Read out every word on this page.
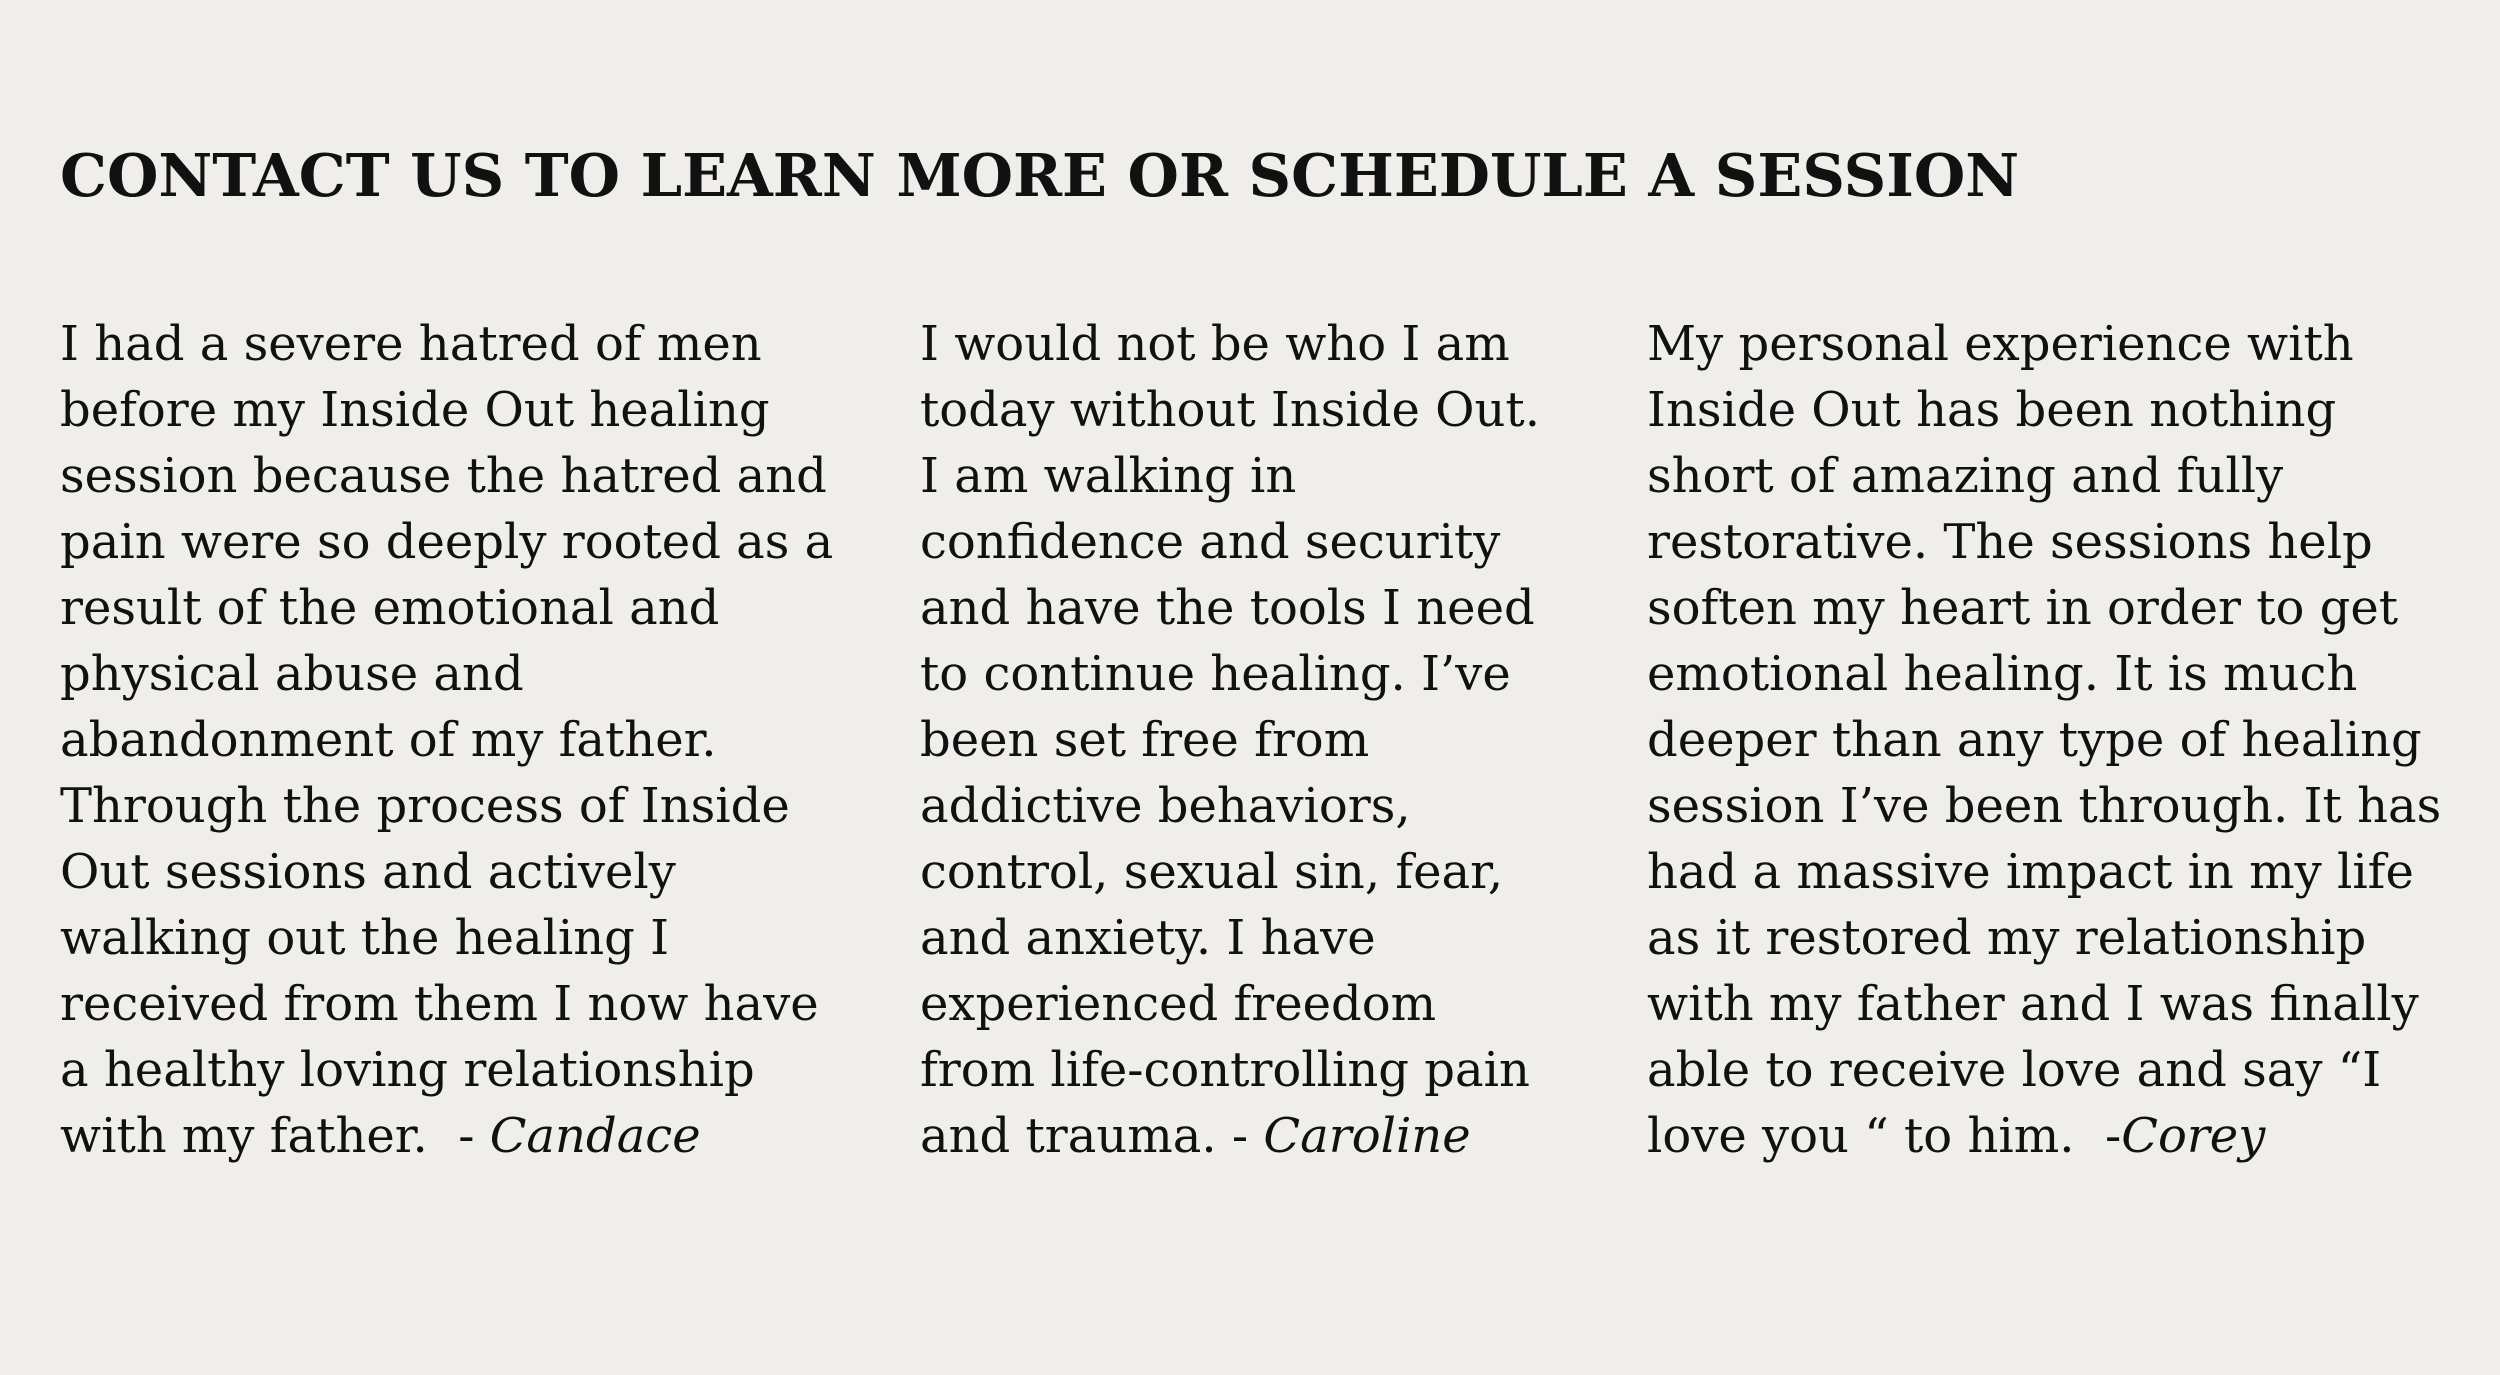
CONTACT US TO LEARN MORE OR SCHEDULE A SESSION
I had a severe hatred of men
before my Inside Out healing
session because the hatred and
pain were so deeply rooted as a
result of the emotional and
physical abuse and
abandonment of my father.
Through the process of Inside
Out sessions and actively
walking out the healing I
received from them I now have
a healthy loving relationship
with my father.  - Candace
I would not be who I am
today without Inside Out.
I am walking in
confidence and security
and have the tools I need
to continue healing. I’ve
been set free from
addictive behaviors,
control, sexual sin, fear,
and anxiety. I have
experienced freedom
from life-controlling pain
and trauma. - Caroline
My personal experience with
Inside Out has been nothing
short of amazing and fully
restorative. The sessions help
soften my heart in order to get
emotional healing. It is much
deeper than any type of healing
session I’ve been through. It has
had a massive impact in my life
as it restored my relationship
with my father and I was finally
able to receive love and say “I
love you “ to him.  -Corey
